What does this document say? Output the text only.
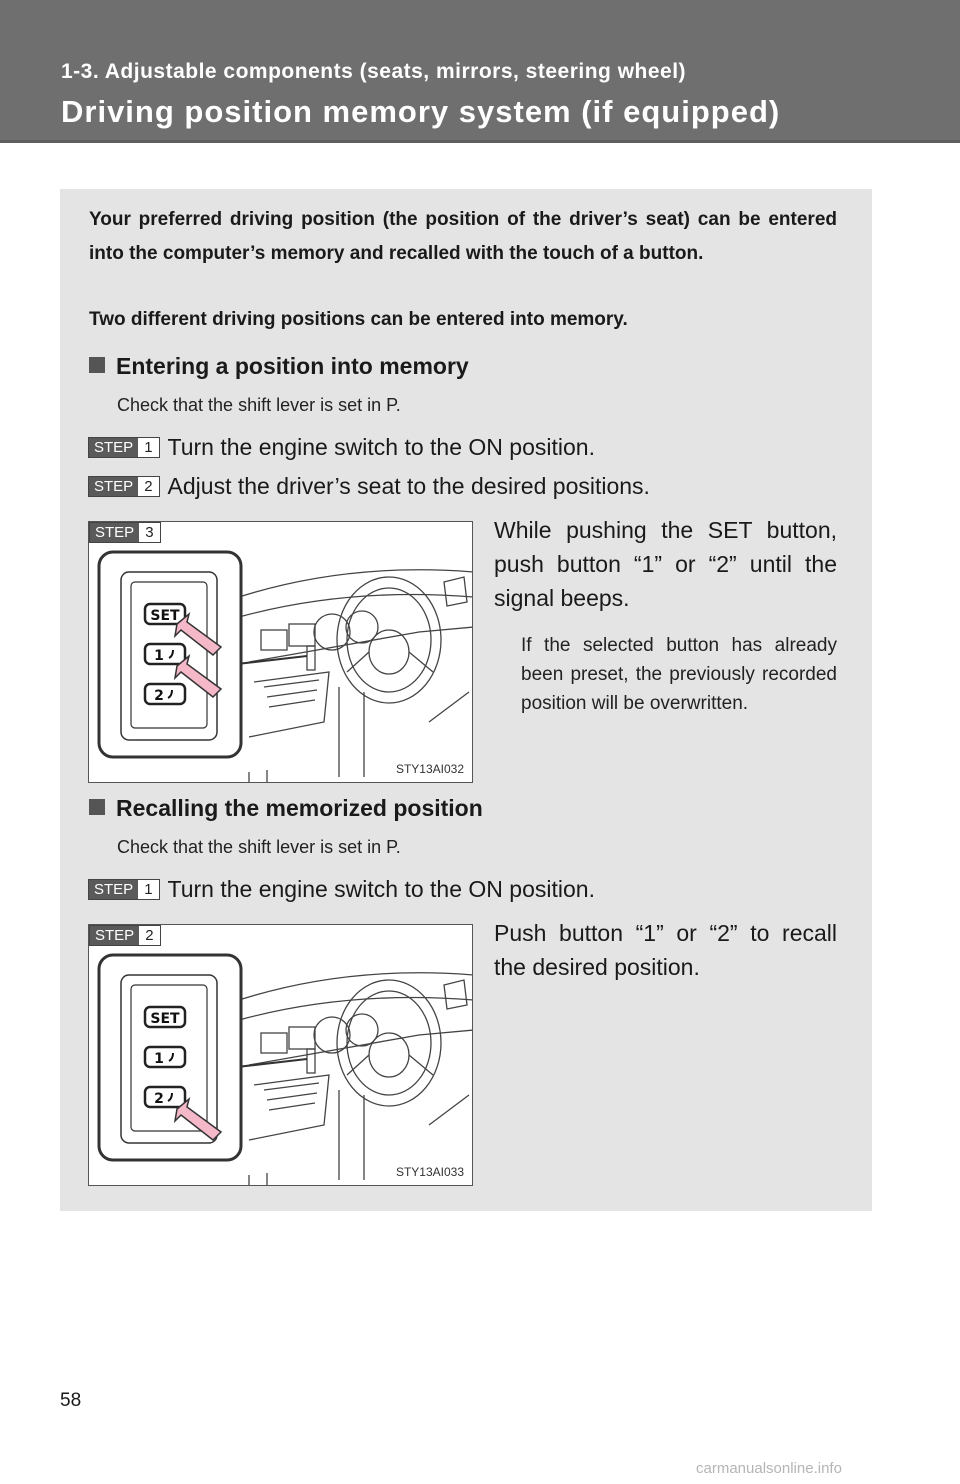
1-3. Adjustable components (seats, mirrors, steering wheel)
Driving position memory system (if equipped)

Your preferred driving position (the position of the driver’s seat) can be entered into the computer’s memory and recalled with the touch of a button.

Two different driving positions can be entered into memory.

Entering a position into memory
Check that the shift lever is set in P.
STEP 1 Turn the engine switch to the ON position.
STEP 2 Adjust the driver’s seat to the desired positions.
SET
1
2
STEP 3
STY13AI032
While pushing the SET button, push button “1” or “2” until the signal beeps.
If the selected button has already been preset, the previously recorded position will be overwritten.
Recalling the memorized position
Check that the shift lever is set in P.
STEP 1 Turn the engine switch to the ON position.
SET
1
2
STEP 2
STY13AI033
Push button “1” or “2” to recall the desired position.
58
carmanualsonline.info
